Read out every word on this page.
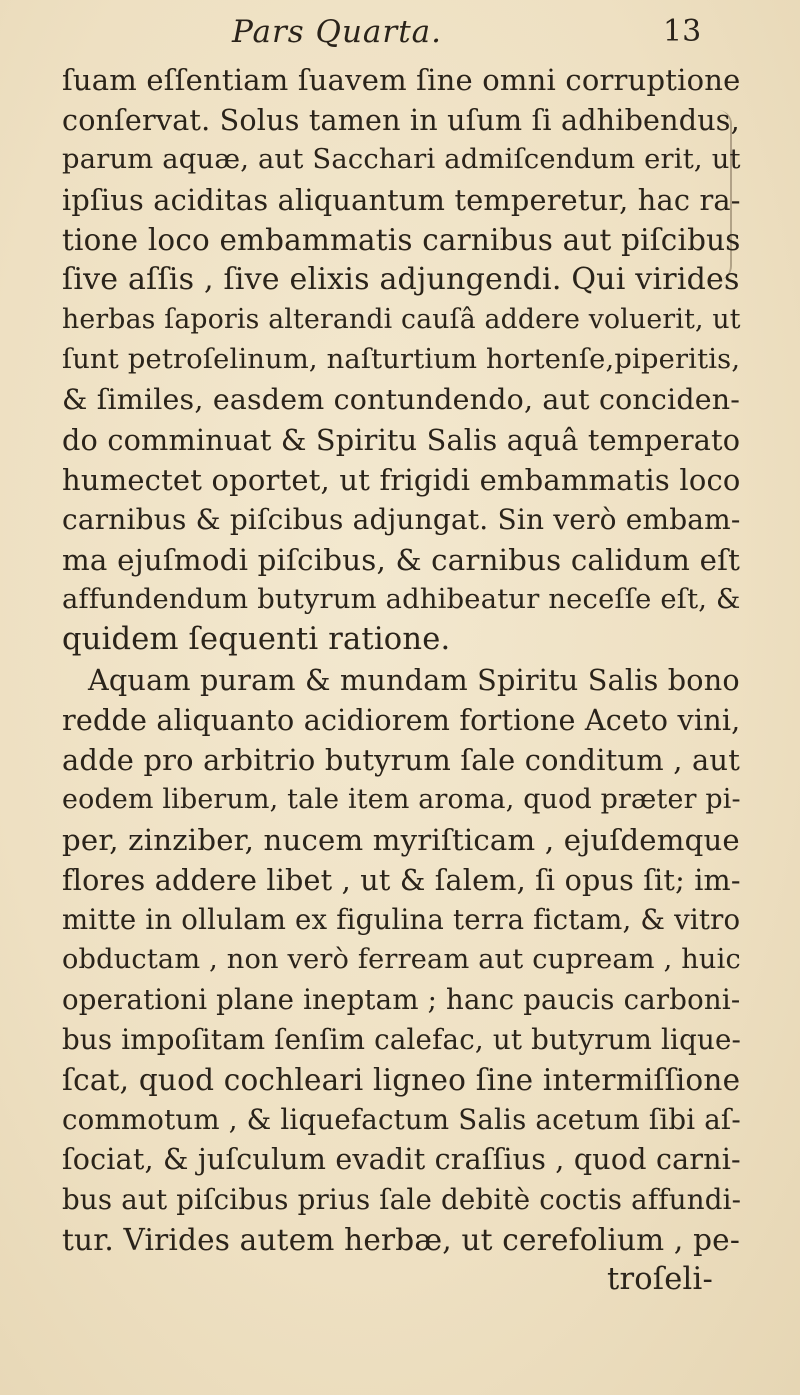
Pars Quarta.	13
ſuam eſſentiam ſuavem ſine omni corruptione
conſervat. Solus tamen in uſum ſi adhibendus,
parum aquæ, aut Sacchari admiſcendum erit, ut
ipſius aciditas aliquantum temperetur, hac ra-
tione loco embammatis carnibus aut piſcibus
ſive aſſis , ſive elixis adjungendi. Qui virides
herbas ſaporis alterandi cauſâ addere voluerit, ut
ſunt petroſelinum, naſturtium hortenſe,piperitis,
& ſimiles, easdem contundendo, aut conciden-
do comminuat & Spiritu Salis aquâ temperato
humectet oportet, ut frigidi embammatis loco
carnibus & piſcibus adjungat. Sin verò embam-
ma ejuſmodi piſcibus, & carnibus calidum eſt
affundendum butyrum adhibeatur neceſſe eſt, &
quidem ſequenti ratione.
Aquam puram & mundam Spiritu Salis bono
redde aliquanto acidiorem fortione Aceto vini,
adde pro arbitrio butyrum ſale conditum , aut
eodem liberum, tale item aroma, quod præter pi-
per, zinziber, nucem myriſticam , ejuſdemque
flores addere libet , ut & ſalem, ſi opus ſit; im-
mitte in ollulam ex figulina terra fictam, & vitro
obductam , non verò ferream aut cupream , huic
operationi plane ineptam ; hanc paucis carboni-
bus impoſitam ſenſim calefac, ut butyrum lique-
ſcat, quod cochleari ligneo ſine intermiſſione
commotum , & liquefactum Salis acetum ſibi aſ-
ſociat, & juſculum evadit craſſius , quod carni-
bus aut piſcibus prius ſale debitè coctis affundi-
tur. Virides autem herbæ, ut cerefolium , pe-
troſeli-
